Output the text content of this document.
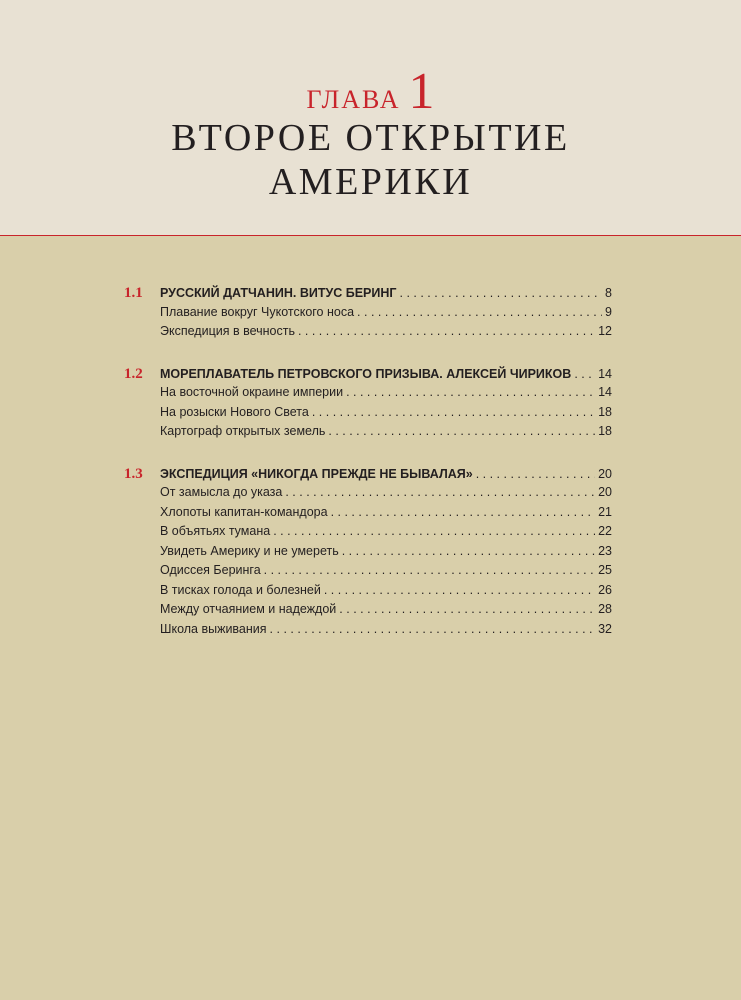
ГЛАВА 1
ВТОРОЕ ОТКРЫТИЕ
АМЕРИКИ
1.1	РУССКИЙ ДАТЧАНИН. ВИТУС БЕРИНГ . . .	8
Плавание вокруг Чукотского носа . . .	9
Экспедиция в вечность . . .	12
1.2	МОРЕПЛАВАТЕЛЬ ПЕТРОВСКОГО ПРИЗЫВА. АЛЕКСЕЙ ЧИРИКОВ . . . 14
На восточной окраине империи . . .	14
На розыски Нового Света . . .	18
Картограф открытых земель . . .	18
1.3	ЭКСПЕДИЦИЯ «НИКОГДА ПРЕЖДЕ НЕ БЫВАЛАЯ» . . .	20
От замысла до указа . . .	20
Хлопоты капитан-командора . . .	21
В объятьях тумана . . .	22
Увидеть Америку и не умереть . . .	23
Одиссея Беринга . . .	25
В тисках голода и болезней . . .	26
Между отчаянием и надеждой . . .	28
Школа выживания . . .	32
